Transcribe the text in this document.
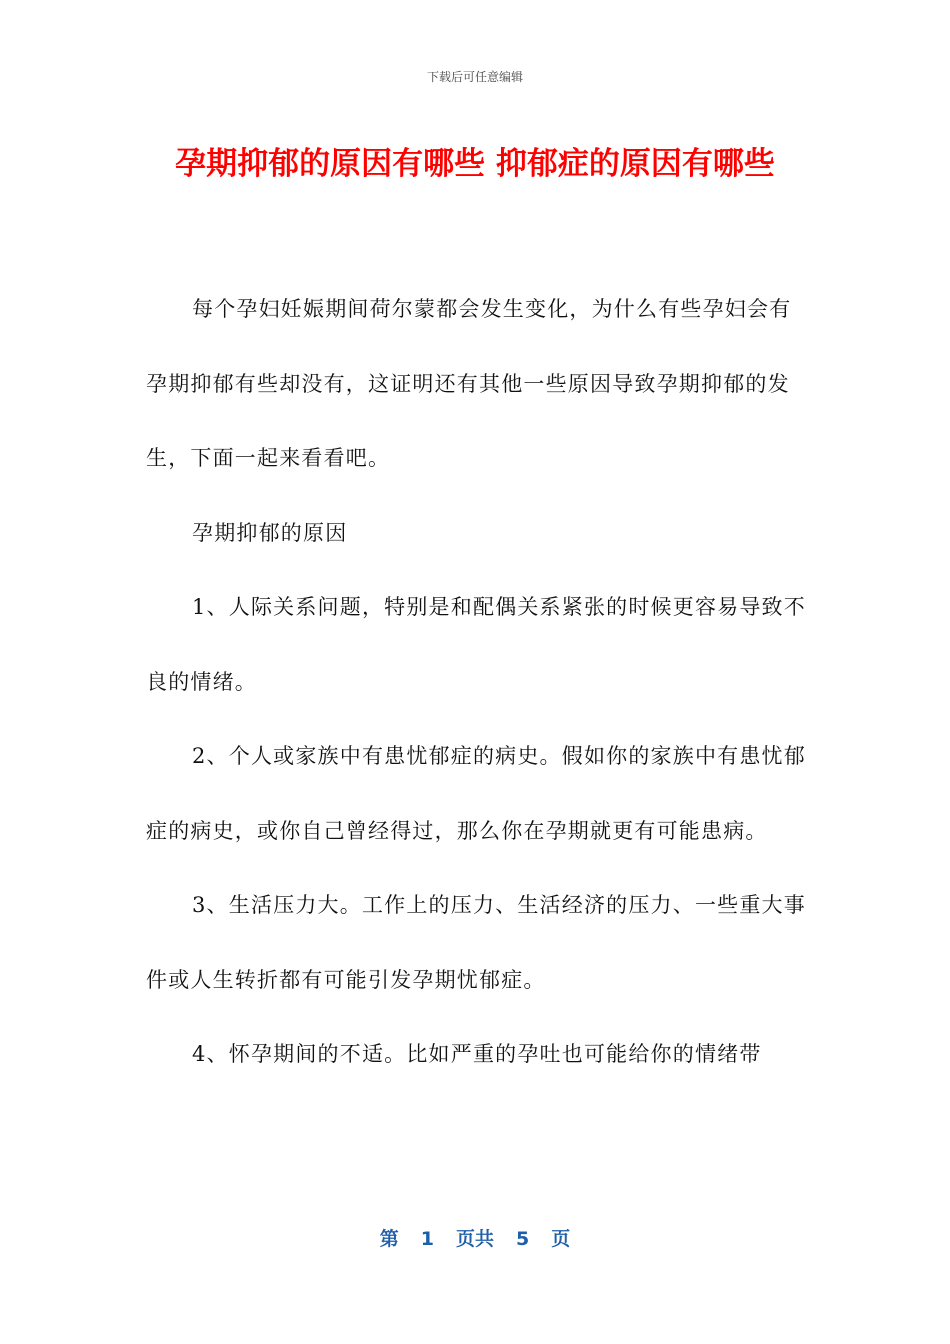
下载后可任意编辑
孕期抑郁的原因有哪些 抑郁症的原因有哪些

每个孕妇妊娠期间荷尔蒙都会发生变化，为什么有些孕妇会有孕期抑郁有些却没有，这证明还有其他一些原因导致孕期抑郁的发生，下面一起来看看吧。

孕期抑郁的原因

1、人际关系问题，特别是和配偶关系紧张的时候更容易导致不良的情绪。

2、个人或家族中有患忧郁症的病史。假如你的家族中有患忧郁症的病史，或你自己曾经得过，那么你在孕期就更有可能患病。

3、生活压力大。工作上的压力、生活经济的压力、一些重大事件或人生转折都有可能引发孕期忧郁症。

4、怀孕期间的不适。比如严重的孕吐也可能给你的情绪带

第 1 页共 5 页
